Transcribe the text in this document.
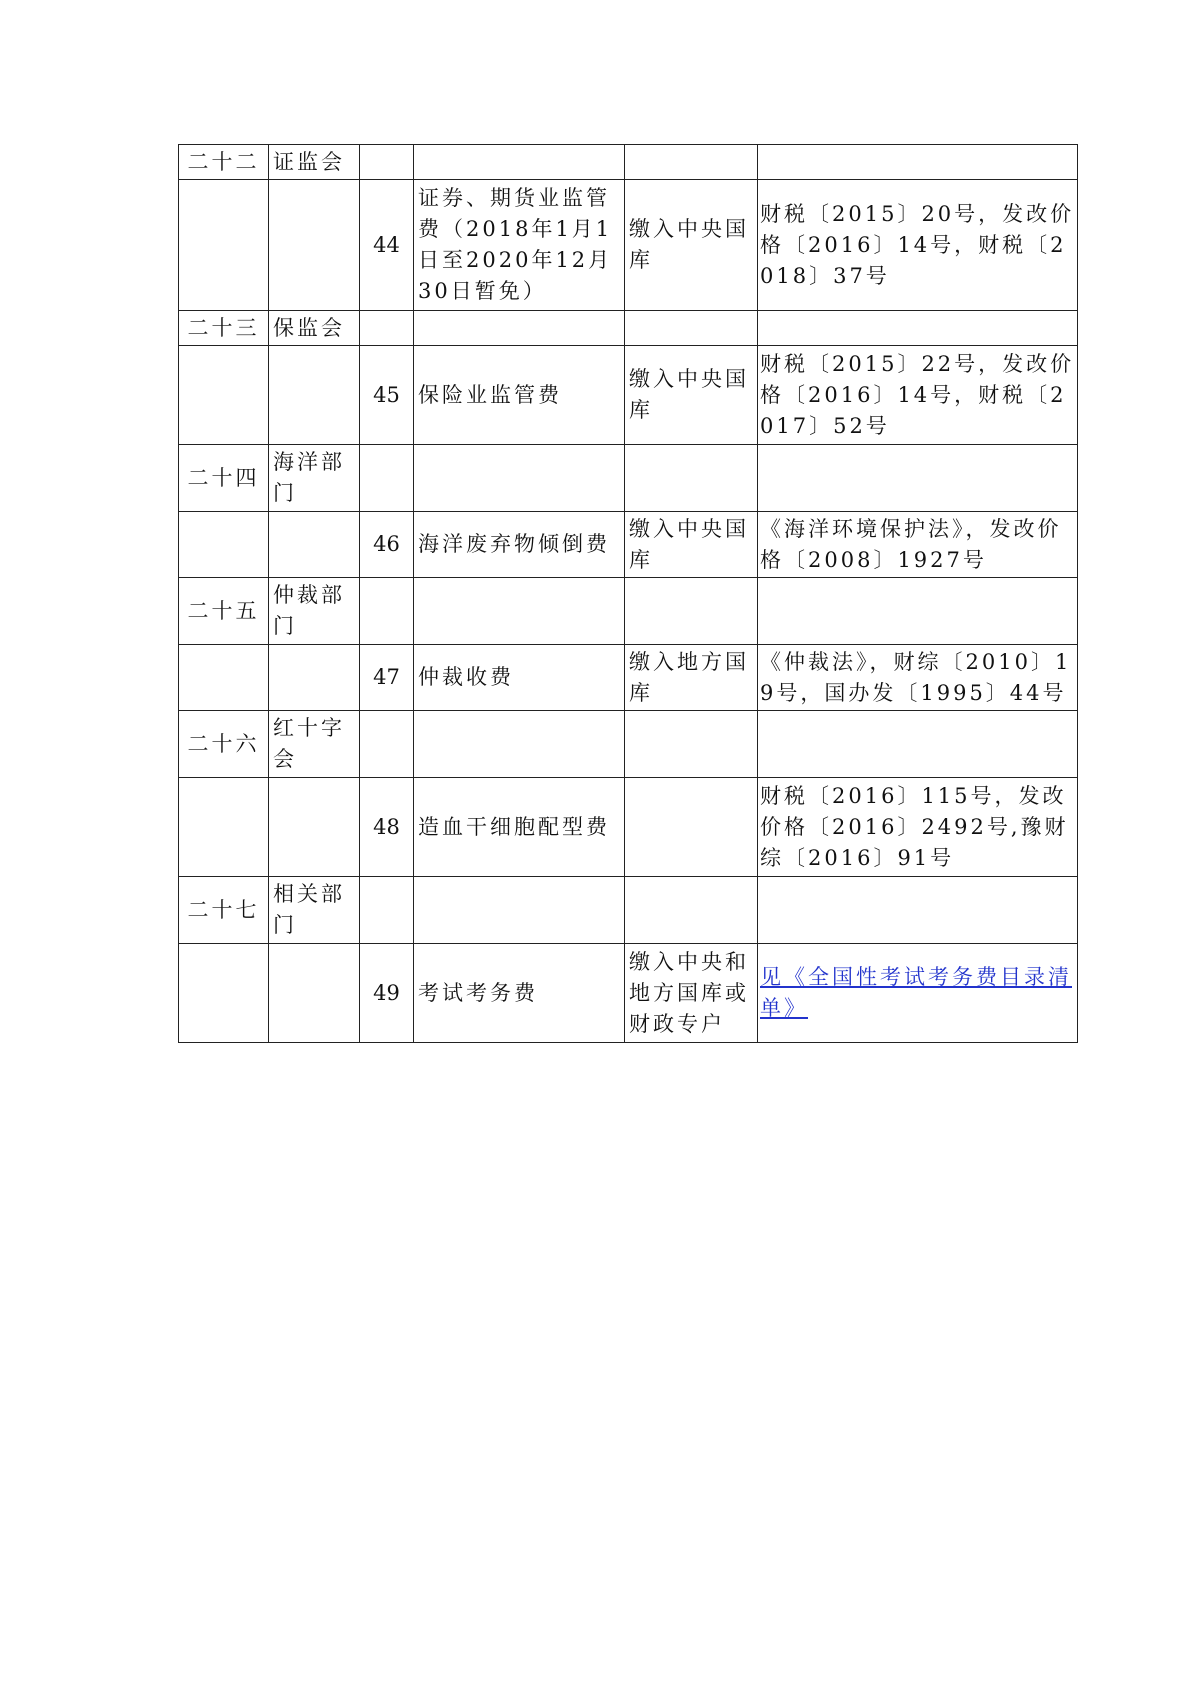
二十二	证监会				
		44	证券、期货业监管费（2018年1月1日至2020年12月30日暂免）	缴入中央国库	财税〔2015〕20号，发改价格〔2016〕14号，财税〔2018〕37号
二十三	保监会				
		45	保险业监管费	缴入中央国库	财税〔2015〕22号，发改价格〔2016〕14号，财税〔2017〕52号
二十四	海洋部门				
		46	海洋废弃物倾倒费	缴入中央国库	《海洋环境保护法》，发改价格〔2008〕1927号
二十五	仲裁部门				
		47	仲裁收费	缴入地方国库	《仲裁法》，财综〔2010〕19号，国办发〔1995〕44号
二十六	红十字会				
		48	造血干细胞配型费		财税〔2016〕115号，发改价格〔2016〕2492号,豫财综〔2016〕91号
二十七	相关部门				
		49	考试考务费	缴入中央和地方国库或财政专户	见《全国性考试考务费目录清单》
